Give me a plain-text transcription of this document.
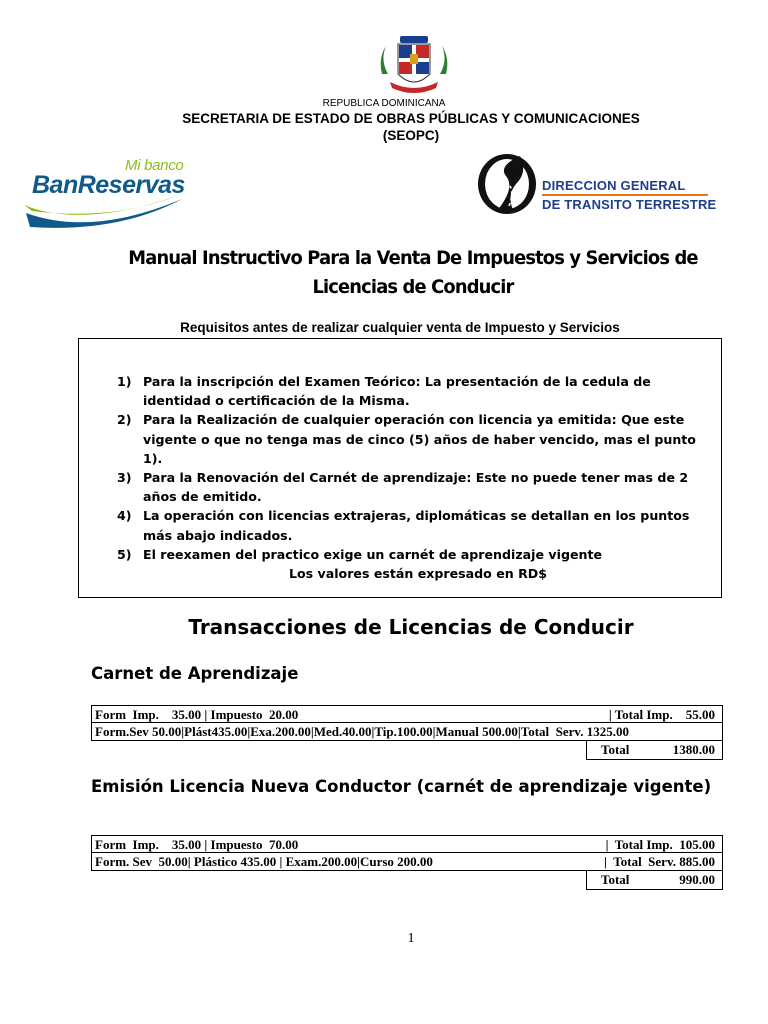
REPUBLICA DOMINICANA
SECRETARIA DE ESTADO DE OBRAS PÚBLICAS Y COMUNICACIONES
(SEOPC)
Mi banco
BanReservas	DIRECCION GENERAL
DE TRANSITO TERRESTRE
Manual Instructivo Para la Venta De Impuestos y Servicios de Licencias de Conducir
Requisitos antes de realizar cualquier venta de Impuesto y Servicios
1) Para la inscripción del Examen Teórico: La presentación de la cedula de identidad o certificación de la Misma.
2) Para la Realización de cualquier operación con licencia ya emitida: Que este vigente o que no tenga mas de cinco (5) años de haber vencido, mas el punto 1).
3) Para la Renovación del Carnét de aprendizaje: Este no puede tener mas de 2 años de emitido.
4) La operación con licencias extrajeras, diplomáticas se detallan en los puntos más abajo indicados.
5) El reexamen del practico exige un carnét de aprendizaje vigente
Los valores están expresado en RD$
Transacciones de Licencias de Conducir
Carnet de Aprendizaje
Form  Imp.    35.00 | Impuesto  20.00	| Total Imp.    55.00
Form.Sev 50.00|Plást435.00|Exa.200.00|Med.40.00|Tip.100.00|Manual 500.00|Total  Serv. 1325.00
Total	1380.00
Emisión Licencia Nueva Conductor (carnét de aprendizaje vigente)
Form  Imp.    35.00 | Impuesto  70.00	|  Total Imp.  105.00
Form. Sev  50.00| Plástico 435.00 | Exam.200.00|Curso 200.00	|  Total  Serv. 885.00
Total	990.00
1
